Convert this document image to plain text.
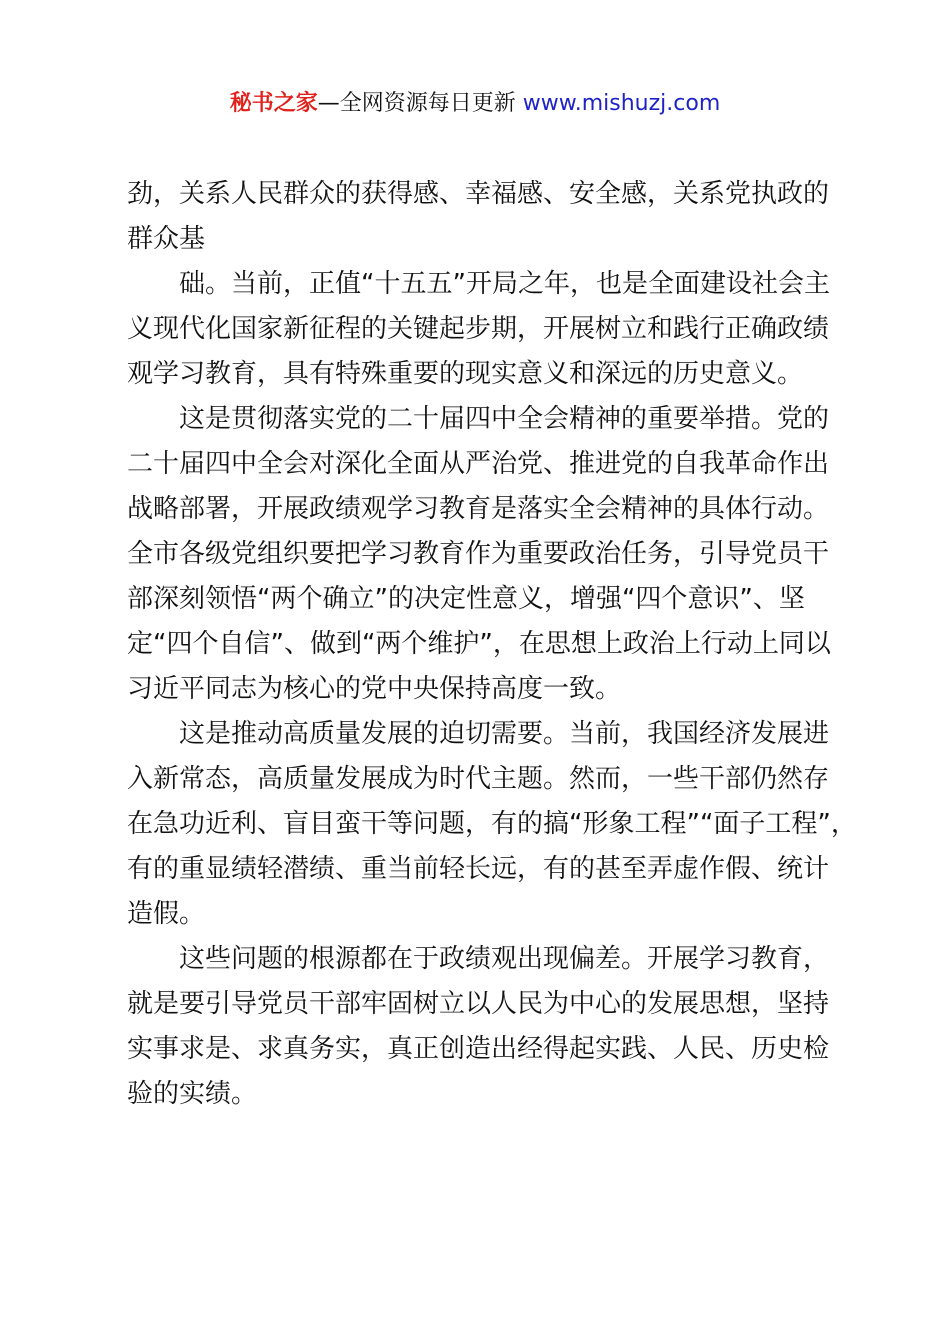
秘书之家—全网资源每日更新 www.mishuzj.com
劲，关系人民群众的获得感、幸福感、安全感，关系党执政的
群众基
础。当前，正值“十五五”开局之年，也是全面建设社会主
义现代化国家新征程的关键起步期，开展树立和践行正确政绩
观学习教育，具有特殊重要的现实意义和深远的历史意义。
这是贯彻落实党的二十届四中全会精神的重要举措。党的
二十届四中全会对深化全面从严治党、推进党的自我革命作出
战略部署，开展政绩观学习教育是落实全会精神的具体行动。
全市各级党组织要把学习教育作为重要政治任务，引导党员干
部深刻领悟“两个确立”的决定性意义，增强“四个意识”、坚
定“四个自信”、做到“两个维护”，在思想上政治上行动上同以
习近平同志为核心的党中央保持高度一致。
这是推动高质量发展的迫切需要。当前，我国经济发展进
入新常态，高质量发展成为时代主题。然而，一些干部仍然存
在急功近利、盲目蛮干等问题，有的搞“形象工程”“面子工程”，
有的重显绩轻潜绩、重当前轻长远，有的甚至弄虚作假、统计
造假。
这些问题的根源都在于政绩观出现偏差。开展学习教育，
就是要引导党员干部牢固树立以人民为中心的发展思想，坚持
实事求是、求真务实，真正创造出经得起实践、人民、历史检
验的实绩。
